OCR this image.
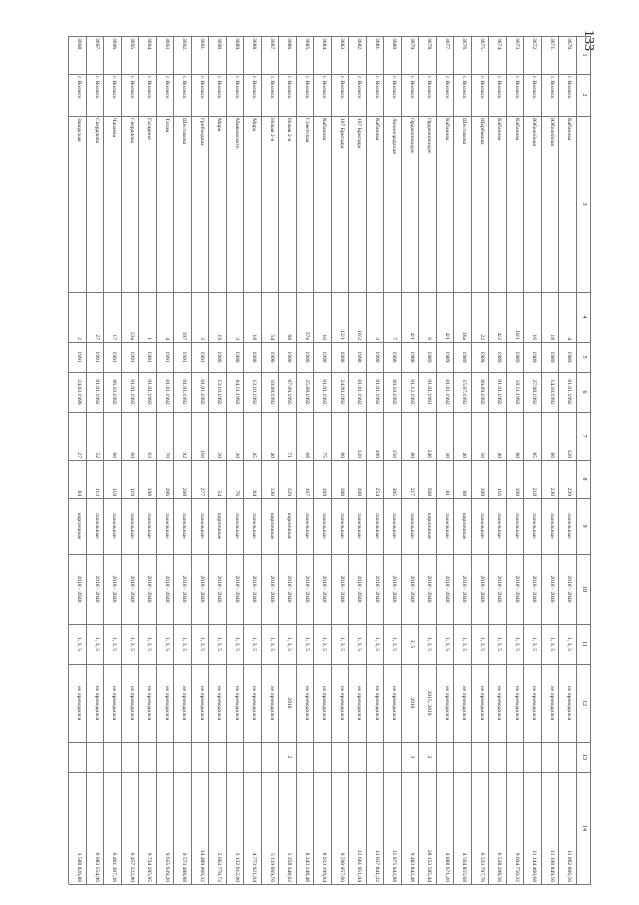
133
1
2
3
4
5
6
7
8
9
10
11
12
13
14
3670.
г. Волжск
Кабанова
4
1989
01.01.1992
120
239
панельные
2018 - 2040
1, 3, 5
не проводился
11 862 606,56
3671.
г. Волжск
Юбилейная
18
1989
14.10.1992
86
230
панельные
2018 - 2040
1, 3, 5
не проводился
11 190 849,56
3672.
г. Волжск
Юбилейная
16
1989
27.08.1992
85
218
панельные
2018 - 2040
1, 3, 5
не проводился
11 144 460,68
3673.
г. Волжск
Кабанова
10/1
1989
10.11.1992
80
199
панельные
2018 - 2040
1, 3, 5
не проводился
9 694 750,32
3674.
г. Волжск
Кабанова
4/2
1989
01.01.1992
40
116
панельные
2018 - 2040
1, 3, 5
не проводился
6 538 288,56
3675.
г. Волжск
Щербакова
22
1989
09.09.1992
50
109
панельные
2018 - 2040
1, 3, 5
не проводился
6 533 797,76
3676.
г. Волжск
Шестакова
16а
1989
15.07.1992
40
88
кирпичные
2018 - 2040
1, 3, 5
не проводился
4 564 855,68
3677.
г. Волжск
Кабанова
4/1
1989
01.01.1992
30
81
панельные
2018 - 2040
1, 3, 5
не проводился
4 888 671,20
3678.
г. Волжск
Орджоникидзе
6
1989
01.01.1991
246
508
кирпичные
2018 - 2040
1, 3, 5
2015, 2019
2
28 153 585,44
3679.
г. Волжск
Орджоникидзе
4/1
1988
01.12.1992
80
217
панельные
2018 - 2040
1, 5
2018
3
9 483 842,48
3680.
г. Волжск
Ленинградская
7
1990
09.10.1992
150
305
панельные
2018 - 2040
1, 3, 5
не проводился
15 875 942,88
3681.
г. Волжск
Кабанова
3
1990
01.01.1992
100
254
панельные
2018 - 2040
1, 3, 5
не проводился
13 037 841,32
3682.
г. Волжск
107 Бригады
10/2
1990
01.01.1992
120
208
панельные
2018 - 2040
1, 3, 5
не проводился
12 661 951,04
3683.
г. Волжск
107 Бригады
12/1
1990
24.09.1992
80
188
панельные
2018 - 2040
1, 3, 5
не проводился
9 590 957,60
3684.
г. Волжск
Кабанова
10
1990
01.01.1992
75
169
панельные
2018 - 2040
1, 3, 5
не проводился
8 013 199,04
3685.
г. Волжск
Советская
37в
1990
25.08.1992
68
167
панельные
2018 - 2040
1, 3, 5
не проводился
8 243 148,48
3686.
г. Волжск
Новая 2-я
68
1990
07.09.1995
71
129
кирпичные
2018 - 2040
1, 3, 5
2018
2
5 358 348,62
3687.
г. Волжск
Новая 2-я
54
1990
10.08.1992
40
130
кирпичные
2018 - 2040
1, 3, 5
не проводился
5 119 669,76
3688.
г. Волжск
Мира
18
1990
13.10.1992
45
84
панельные
2018 - 2040
1, 3, 5
не проводился
4 773 921,04
3689.
г. Волжск
Маяковского
3
1990
04.11.1992
30
76
панельные
2018 - 2040
1, 3, 5
не проводился
3 132 612,00
3690.
г. Волжск
Мира
19
1990
13.10.1992
20
54
кирпичные
2018 - 2040
1, 3, 5
не проводился
2 663 770,72
3691.
г. Волжск
Грибоедова
3
1991
01.01.1992
110
277
панельные
2018 - 2040
1, 3, 5
не проводился
14 489 060,32
3692.
г. Волжск
Шестакова
107
1991
01.01.1992
92
208
панельные
2018 - 2040
1, 3, 5
не проводился
9 573 488,88
3693.
г. Волжск
Тихая
4
1991
01.01.1992
70
206
панельные
2018 - 2040
1, 3, 5
не проводился
9 655 639,20
3694.
г. Волжск
Гагарина
1
1991
01.01.1993
63
198
панельные
2018 - 2040
1, 3, 5
не проводился
9 734 285,95
3695.
г. Волжск
Свердлова
23а
1991
01.01.1992
60
119
панельные
2018 - 2040
1, 3, 5
не проводился
6 457 222,80
3696.
г. Волжск
Чапаева
17
1991
06.10.1992
60
119
панельные
2018 - 2040
1, 3, 5
не проводился
6 401 307,36
3697.
г. Волжск
Свердлова
27
1991
01.01.1992
52
113
панельные
2018 - 2040
1, 3, 5
не проводился
6 083 554,96
3698.
г. Волжск
Заводская
2
1991
24.03.1999
27
84
кирпичные
2018 - 2040
1, 3, 5
не проводился
3 588 826,88
